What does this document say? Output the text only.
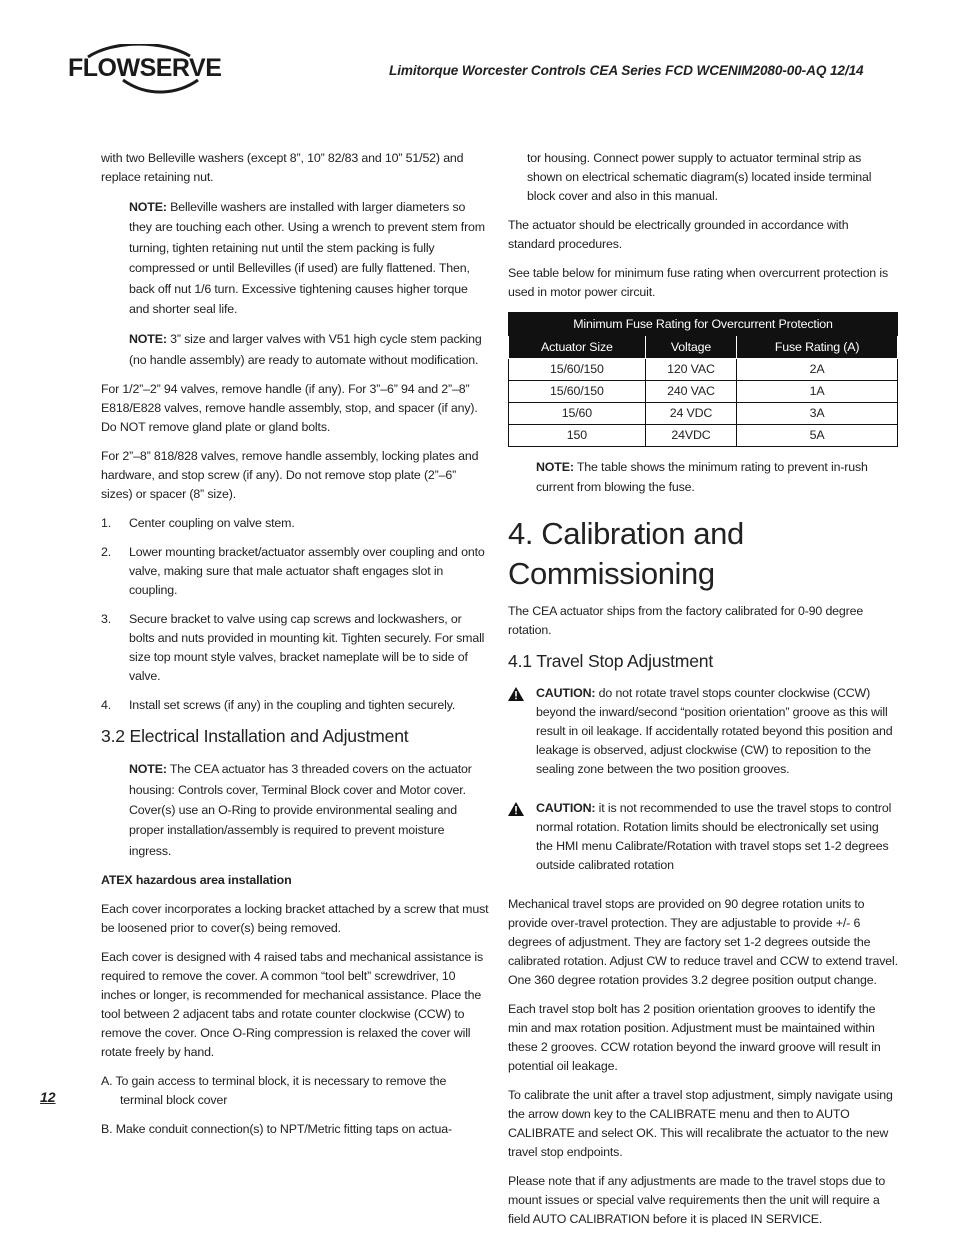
FLOWSERVE	Limitorque Worcester Controls CEA Series FCD WCENIM2080-00-AQ 12/14
12

with two Belleville washers (except 8”, 10” 82/83 and 10” 51/52) and replace retaining nut.

NOTE: Belleville washers are installed with larger diameters so they are touching each other. Using a wrench to prevent stem from turning, tighten retaining nut until the stem packing is fully compressed or until Bellevilles (if used) are fully flattened. Then, back off nut 1/6 turn. Excessive tightening causes higher torque and shorter seal life.

NOTE: 3” size and larger valves with V51 high cycle stem packing (no handle assembly) are ready to automate without modification.

For 1/2”–2” 94 valves, remove handle (if any). For 3”–6” 94 and 2”–8” E818/E828 valves, remove handle assembly, stop, and spacer (if any). Do NOT remove gland plate or gland bolts.

For 2”–8” 818/828 valves, remove handle assembly, locking plates and hardware, and stop screw (if any). Do not remove stop plate (2”–6” sizes) or spacer (8” size).

1. Center coupling on valve stem.
2. Lower mounting bracket/actuator assembly over coupling and onto valve, making sure that male actuator shaft engages slot in coupling.
3. Secure bracket to valve using cap screws and lockwashers, or bolts and nuts provided in mounting kit. Tighten securely. For small size top mount style valves, bracket nameplate will be to side of valve.
4. Install set screws (if any) in the coupling and tighten securely.
3.2 Electrical Installation and Adjustment

NOTE: The CEA actuator has 3 threaded covers on the actuator housing: Controls cover, Terminal Block cover and Motor cover. Cover(s) use an O-Ring to provide environmental sealing and proper installation/assembly is required to prevent moisture ingress.

ATEX hazardous area installation

Each cover incorporates a locking bracket attached by a screw that must be loosened prior to cover(s) being removed.

Each cover is designed with 4 raised tabs and mechanical assistance is required to remove the cover. A common “tool belt” screwdriver, 10 inches or longer, is recommended for mechanical assistance. Place the tool between 2 adjacent tabs and rotate counter clockwise (CCW) to remove the cover. Once O-Ring compression is relaxed the cover will rotate freely by hand.

A. To gain access to terminal block, it is necessary to remove the terminal block cover

B. Make conduit connection(s) to NPT/Metric fitting taps on actua-

tor housing. Connect power supply to actuator terminal strip as shown on electrical schematic diagram(s) located inside terminal block cover and also in this manual.

The actuator should be electrically grounded in accordance with standard procedures.

See table below for minimum fuse rating when overcurrent protection is used in motor power circuit.

Minimum Fuse Rating for Overcurrent Protection		
Actuator Size	Voltage	Fuse Rating (A)
15/60/150	120 VAC	2A
15/60/150	240 VAC	1A
15/60	24 VDC	3A
150	24VDC	5A

NOTE: The table shows the minimum rating to prevent in-rush current from blowing the fuse.

4. Calibration and Commissioning

The CEA actuator ships from the factory calibrated for 0-90 degree rotation.

4.1 Travel Stop Adjustment
CAUTION: do not rotate travel stops counter clockwise (CCW) beyond the inward/second “position orientation” groove as this will result in oil leakage. If accidentally rotated beyond this position and leakage is observed, adjust clockwise (CW) to reposition to the sealing zone between the two position grooves.
CAUTION: it is not recommended to use the travel stops to control normal rotation. Rotation limits should be electronically set using the HMI menu Calibrate/Rotation with travel stops set 1-2 degrees outside calibrated rotation

Mechanical travel stops are provided on 90 degree rotation units to provide over-travel protection. They are adjustable to provide +/- 6 degrees of adjustment. They are factory set 1-2 degrees outside the calibrated rotation. Adjust CW to reduce travel and CCW to extend travel. One 360 degree rotation provides 3.2 degree position output change.

Each travel stop bolt has 2 position orientation grooves to identify the min and max rotation position. Adjustment must be maintained within these 2 grooves. CCW rotation beyond the inward groove will result in potential oil leakage.

To calibrate the unit after a travel stop adjustment, simply navigate using the arrow down key to the CALIBRATE menu and then to AUTO CALIBRATE and select OK. This will recalibrate the actuator to the new travel stop endpoints.

Please note that if any adjustments are made to the travel stops due to mount issues or special valve requirements then the unit will require a field AUTO CALIBRATION before it is placed IN SERVICE.
